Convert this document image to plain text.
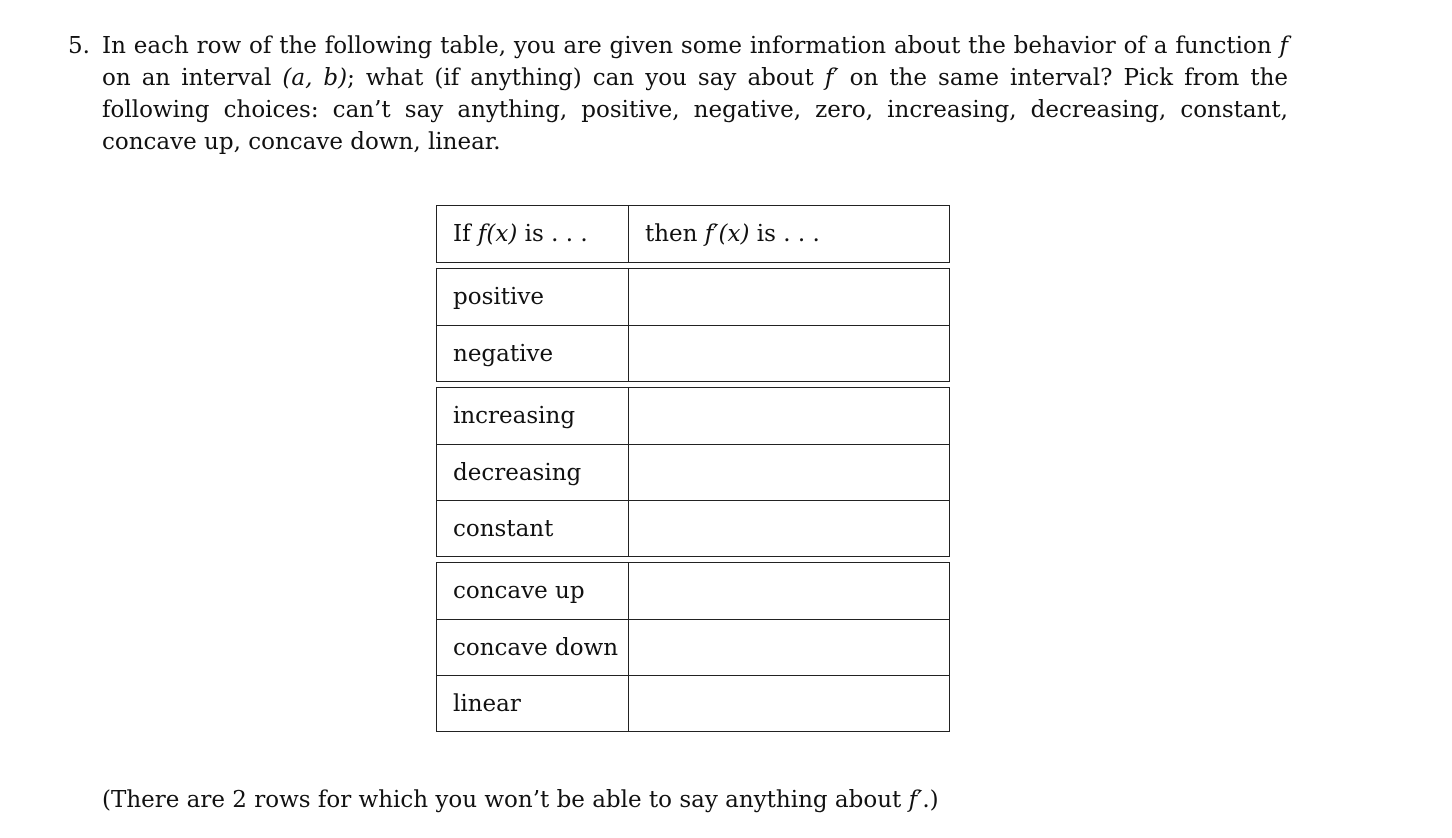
5. In each row of the following table, you are given some information about the behavior of a function f on an interval (a, b); what (if anything) can you say about f′ on the same interval? Pick from the following choices: can’t say anything, positive, negative, zero, increasing, decreasing, constant, concave up, concave down, linear.
If
f(x)
is . . . then
f′(x)
is . . .
positive
negative
increasing
decreasing
constant
concave up
concave down
linear
(There are 2 rows for which you won’t be able to say anything about f′.)
